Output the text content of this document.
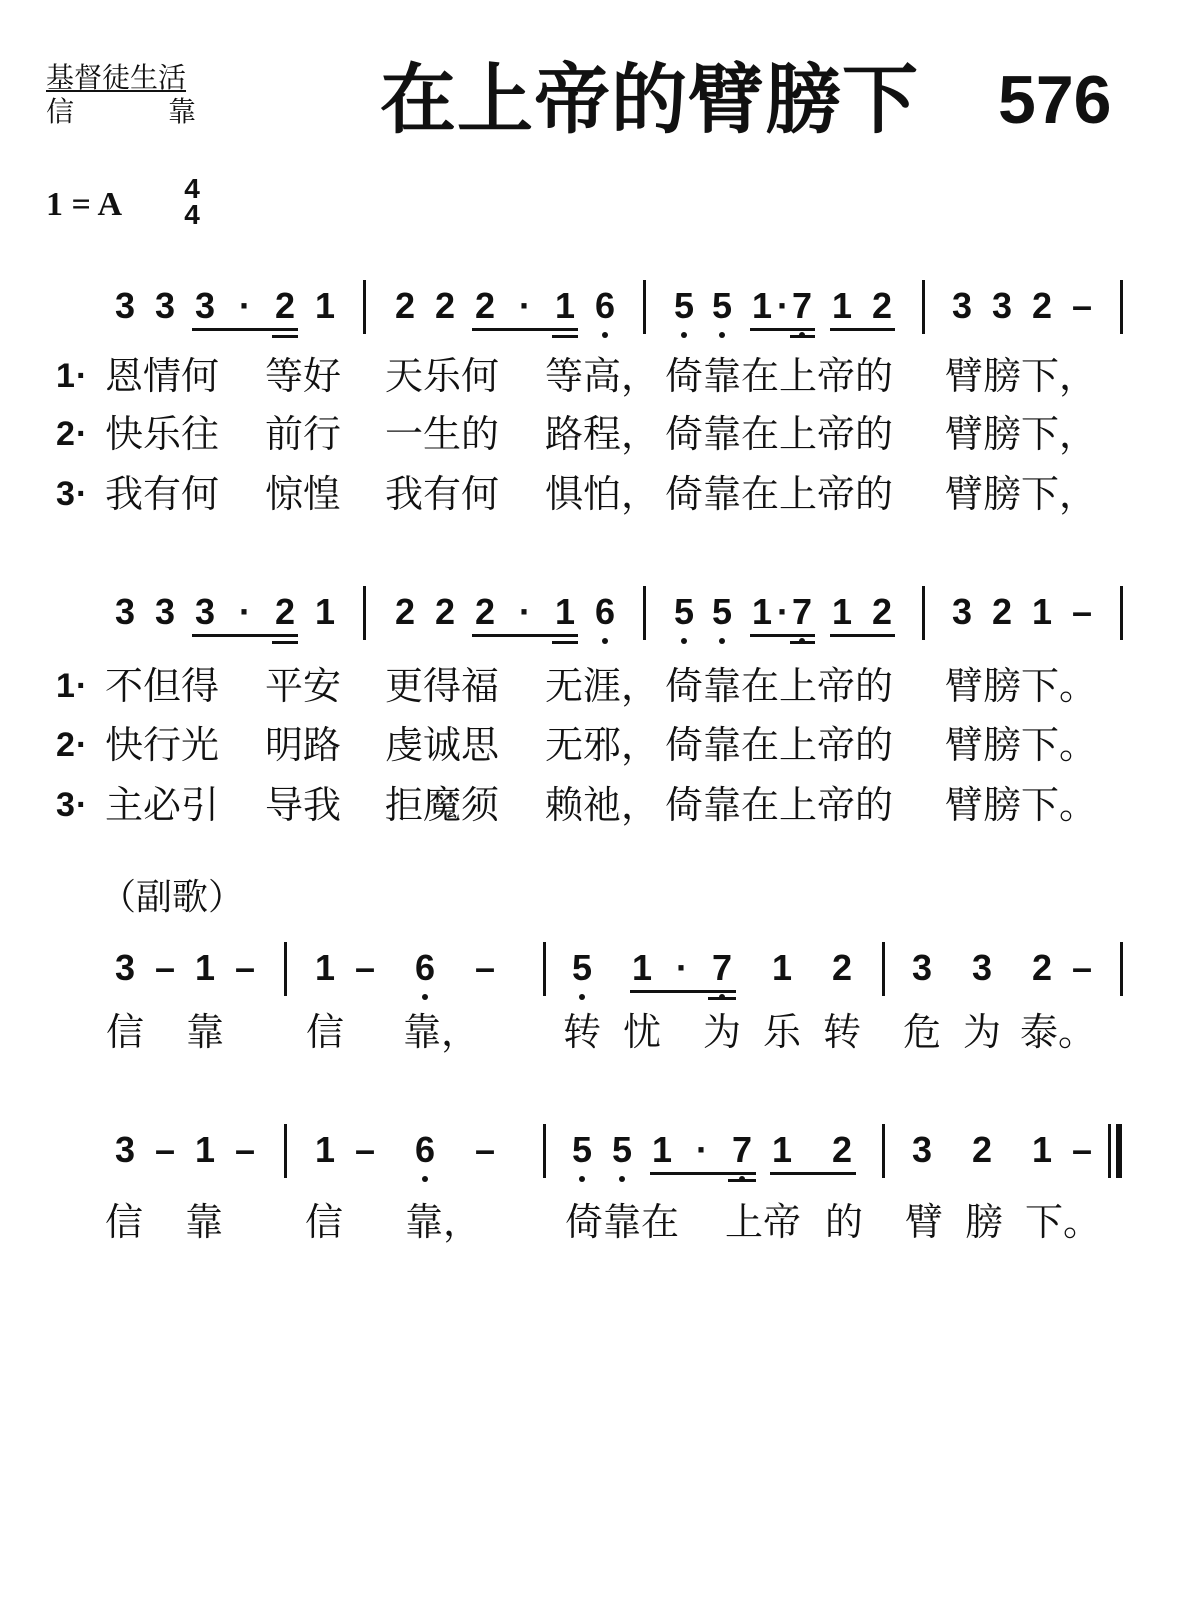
基督徒生活
信	靠 在上帝的臂膀下 576
1 = A 4
4
（副歌）
3 3 3 · 2 1 2 2 2 · 1 6 5 5 1 · 7 1 2 3 3 2 –
3 3 3 · 2 1 2 2 2 · 1 6 5 5 1 · 7 1 2 3 2 1 –
1 · 恩情何 等好 天乐何 等高， 倚靠在上帝的 臂膀下，
2 · 快乐往 前行 一生的 路程， 倚靠在上帝的 臂膀下，
3 · 我有何 惊惶 我有何 惧怕， 倚靠在上帝的 臂膀下，
1 · 不但得 平安 更得福 无涯， 倚靠在上帝的 臂膀下。
2 · 快行光 明路 虔诚思 无邪， 倚靠在上帝的 臂膀下。
3 · 主必引 导我 拒魔须 赖祂， 倚靠在上帝的 臂膀下。
3 – 1 – 1 – 6 – 5 1 · 7 1 2 3 3 2 –
信 靠 信 靠， 转 忧 为 乐 转 危 为 泰。
3 – 1 – 1 – 6 – 5 5 1 · 7 1 2 3 2 1 –
信 靠 信 靠， 倚靠在 上帝 的 臂 膀 下。
